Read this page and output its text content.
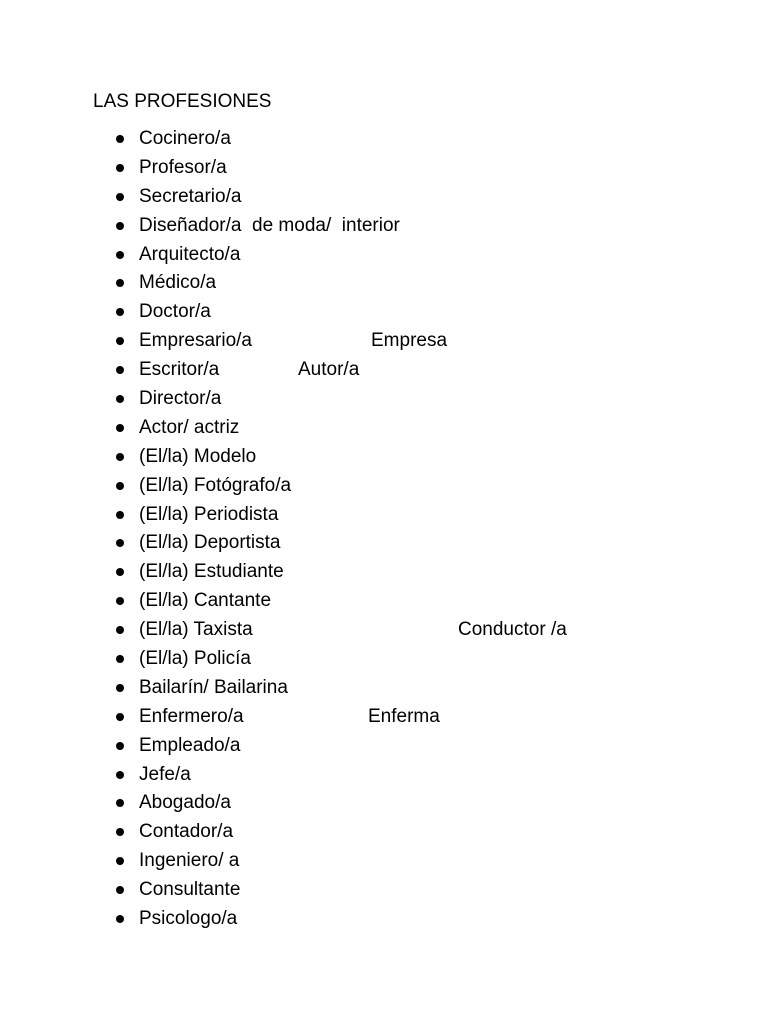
LAS PROFESIONES
Cocinero/a
Profesor/a
Secretario/a
Diseñador/a  de moda/  interior
Arquitecto/a
Médico/a
Doctor/a
Empresario/a	Empresa
Escritor/a	Autor/a
Director/a
Actor/ actriz
(El/la) Modelo
(El/la) Fotógrafo/a
(El/la) Periodista
(El/la) Deportista
(El/la) Estudiante
(El/la) Cantante
(El/la) Taxista	Conductor /a
(El/la) Policía
Bailarín/ Bailarina
Enfermero/a	Enferma
Empleado/a
Jefe/a
Abogado/a
Contador/a
Ingeniero/ a
Consultante
Psicologo/a
